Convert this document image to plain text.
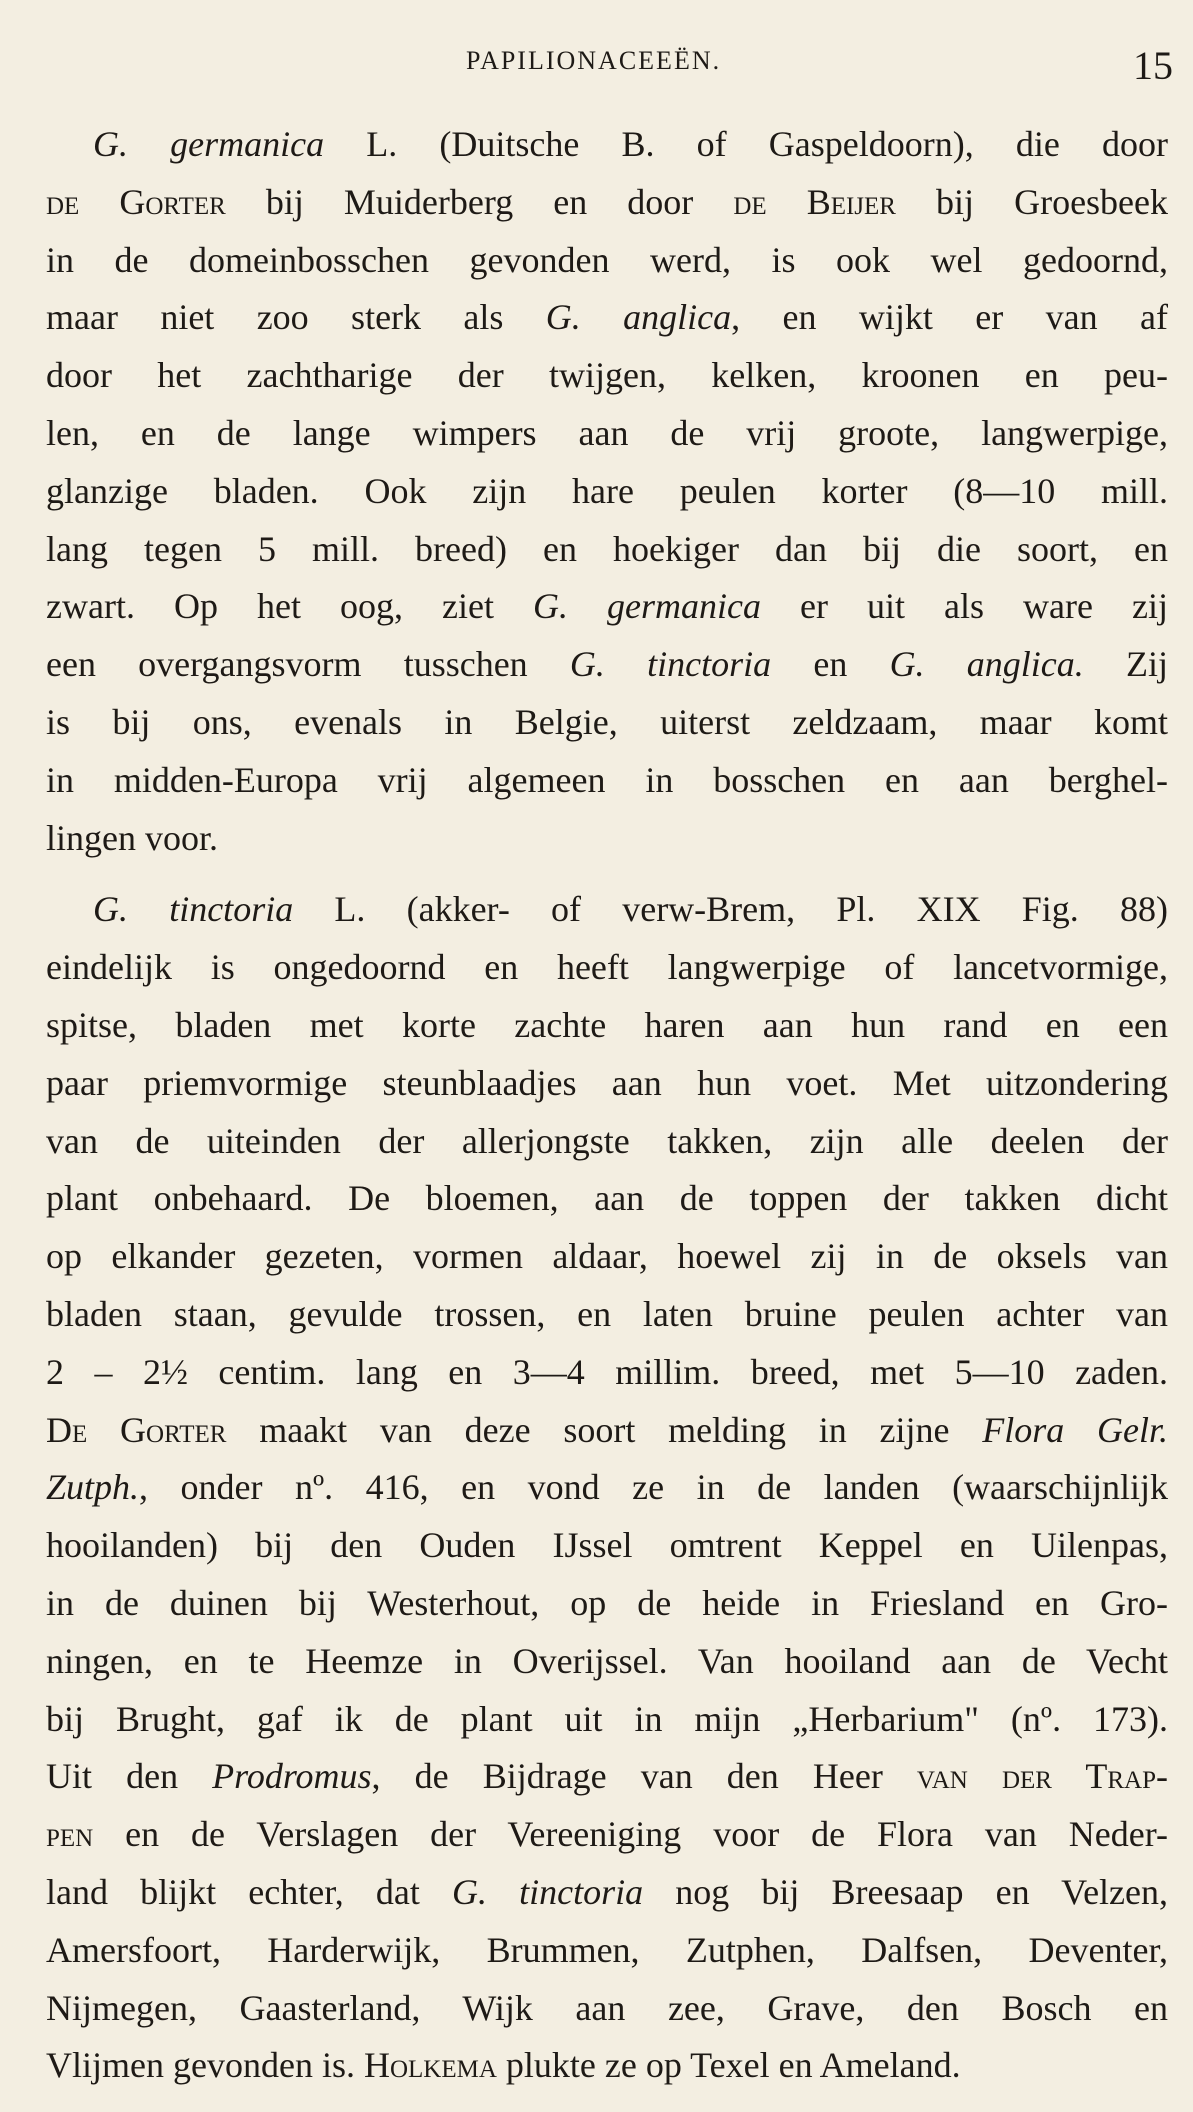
PAPILIONACEEËN.	15
G. germanica L. (Duitsche B. of Gaspeldoorn), die door
de Gorter bij Muiderberg en door de Beijer bij Groesbeek
in de domeinbosschen gevonden werd, is ook wel gedoornd,
maar niet zoo sterk als G. anglica, en wijkt er van af
door het zachtharige der twijgen, kelken, kroonen en peu-
len, en de lange wimpers aan de vrij groote, langwerpige,
glanzige bladen. Ook zijn hare peulen korter (8—10 mill.
lang tegen 5 mill. breed) en hoekiger dan bij die soort, en
zwart. Op het oog, ziet G. germanica er uit als ware zij
een overgangsvorm tusschen G. tinctoria en G. anglica. Zij
is bij ons, evenals in Belgie, uiterst zeldzaam, maar komt
in midden-Europa vrij algemeen in bosschen en aan berghel-
lingen voor.
G. tinctoria L. (akker- of verw-Brem, Pl. XIX Fig. 88)
eindelijk is ongedoornd en heeft langwerpige of lancetvormige,
spitse, bladen met korte zachte haren aan hun rand en een
paar priemvormige steunblaadjes aan hun voet. Met uitzondering
van de uiteinden der allerjongste takken, zijn alle deelen der
plant onbehaard. De bloemen, aan de toppen der takken dicht
op elkander gezeten, vormen aldaar, hoewel zij in de oksels van
bladen staan, gevulde trossen, en laten bruine peulen achter van
2 – 2½ centim. lang en 3—4 millim. breed, met 5—10 zaden.
De Gorter maakt van deze soort melding in zijne Flora Gelr.
Zutph., onder nº. 416, en vond ze in de landen (waarschijnlijk
hooilanden) bij den Ouden IJssel omtrent Keppel en Uilenpas,
in de duinen bij Westerhout, op de heide in Friesland en Gro-
ningen, en te Heemze in Overijssel. Van hooiland aan de Vecht
bij Brught, gaf ik de plant uit in mijn „Herbarium" (nº. 173).
Uit den Prodromus, de Bijdrage van den Heer van der Trap-
pen en de Verslagen der Vereeniging voor de Flora van Neder-
land blijkt echter, dat G. tinctoria nog bij Breesaap en Velzen,
Amersfoort, Harderwijk, Brummen, Zutphen, Dalfsen, Deventer,
Nijmegen, Gaasterland, Wijk aan zee, Grave, den Bosch en
Vlijmen gevonden is. Holkema plukte ze op Texel en Ameland.
